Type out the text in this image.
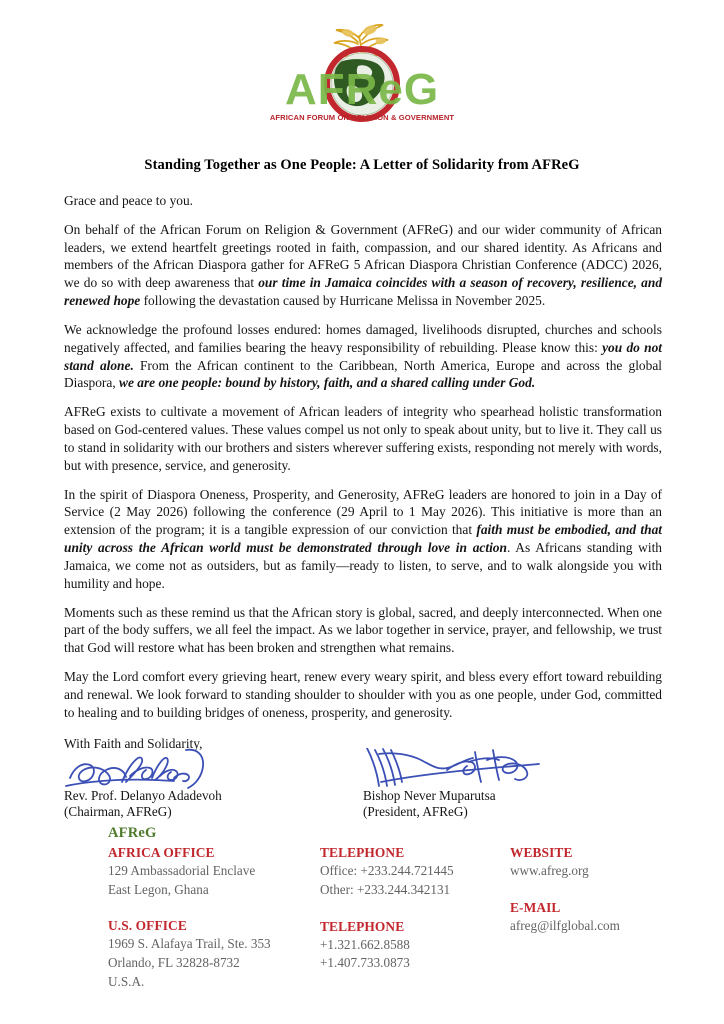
AFReG
AFRICAN FORUM ON RELIGION & GOVERNMENT
Standing Together as One People: A Letter of Solidarity from AFReG

Grace and peace to you.

On behalf of the African Forum on Religion & Government (AFReG) and our wider community of African leaders, we extend heartfelt greetings rooted in faith, compassion, and our shared identity. As Africans and members of the African Diaspora gather for AFReG 5 African Diaspora Christian Conference (ADCC) 2026, we do so with deep awareness that our time in Jamaica coincides with a season of recovery, resilience, and renewed hope following the devastation caused by Hurricane Melissa in November 2025.

We acknowledge the profound losses endured: homes damaged, livelihoods disrupted, churches and schools negatively affected, and families bearing the heavy responsibility of rebuilding. Please know this: you do not stand alone. From the African continent to the Caribbean, North America, Europe and across the global Diaspora, we are one people: bound by history, faith, and a shared calling under God.

AFReG exists to cultivate a movement of African leaders of integrity who spearhead holistic transformation based on God-centered values. These values compel us not only to speak about unity, but to live it. They call us to stand in solidarity with our brothers and sisters wherever suffering exists, responding not merely with words, but with presence, service, and generosity.

In the spirit of Diaspora Oneness, Prosperity, and Generosity, AFReG leaders are honored to join in a Day of Service (2 May 2026) following the conference (29 April to 1 May 2026). This initiative is more than an extension of the program; it is a tangible expression of our conviction that faith must be embodied, and that unity across the African world must be demonstrated through love in action. As Africans standing with Jamaica, we come not as outsiders, but as family—ready to listen, to serve, and to walk alongside you with humility and hope.

Moments such as these remind us that the African story is global, sacred, and deeply interconnected. When one part of the body suffers, we all feel the impact. As we labor together in service, prayer, and fellowship, we trust that God will restore what has been broken and strengthen what remains.

May the Lord comfort every grieving heart, renew every weary spirit, and bless every effort toward rebuilding and renewal. We look forward to standing shoulder to shoulder with you as one people, under God, committed to healing and to building bridges of oneness, prosperity, and generosity.

With Faith and Solidarity,
Rev. Prof. Delanyo Adadevoh
(Chairman, AFReG)
Bishop Never Muparutsa
(President, AFReG)
AFReG
AFRICA OFFICE
129 Ambassadorial Enclave
East Legon, Ghana
U.S. OFFICE
1969 S. Alafaya Trail, Ste. 353
Orlando, FL 32828-8732
U.S.A.
TELEPHONE
Office: +233.244.721445
Other: +233.244.342131
TELEPHONE
+1.321.662.8588
+1.407.733.0873
WEBSITE
www.afreg.org
E-MAIL
afreg@ilfglobal.com
